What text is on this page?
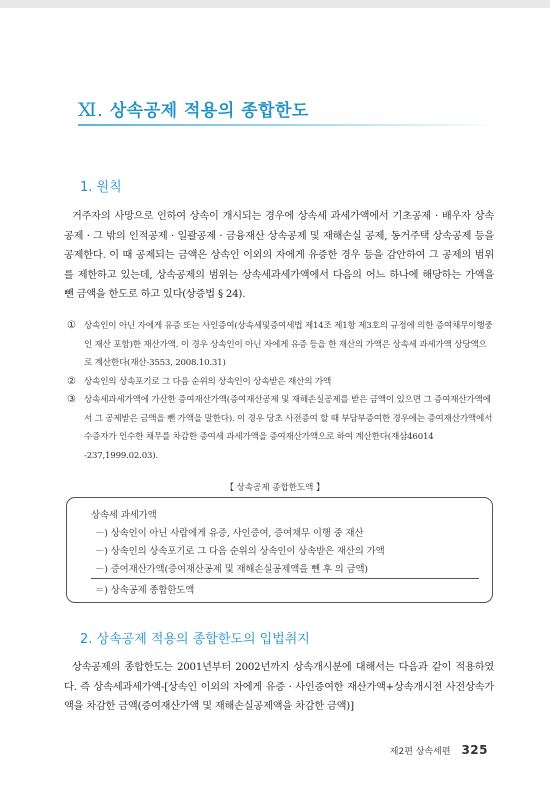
Ⅺ. 상속공제 적용의 종합한도
1. 원칙
거주자의 사망으로 인하여 상속이 개시되는 경우에 상속세 과세가액에서 기초공제 · 배우자 상속공제 · 그 밖의 인적공제 · 일괄공제 · 금융재산 상속공제 및 재해손실 공제, 동거주택 상속공제 등을 공제한다. 이 때 공제되는 금액은 상속인 이외의 자에게 유증한 경우 등을 감안하여 그 공제의 범위를 제한하고 있는데, 상속공제의 범위는 상속세과세가액에서 다음의 어느 하나에 해당하는 가액을 뺀 금액을 한도로 하고 있다(상증법 § 24).
① 상속인이 아닌 자에게 유증 또는 사인증여(상속세및증여세법 제14조 제1항 제3호의 규정에 의한 증여채무이행중인 재산 포함)한 재산가액. 이 경우 상속인이 아닌 자에게 유증 등을 한 재산의 가액은 상속세 과세가액 상당액으로 계산한다(재산-3553, 2008.10.31)
② 상속인의 상속포기로 그 다음 순위의 상속인이 상속받은 재산의 가액
③ 상속세과세가액에 가산한 증여재산가액(증여재산공제 및 재해손실공제를 받은 금액이 있으면 그 증여재산가액에서 그 공제받은 금액을 뺀 가액을 말한다). 이 경우 당초 사전증여 할 때 부담부증여한 경우에는 증여재산가액에서 수증자가 인수한 채무를 차감한 증여세 과세가액을 증여재산가액으로 하여 계산한다(재삼46014 -237,1999.02.03).
【 상속공제 종합한도액 】
상속세 과세가액
－) 상속인이 아닌 사람에게 유증, 사인증여, 증여채무 이행 중 재산
－) 상속인의 상속포기로 그 다음 순위의 상속인이 상속받은 재산의 가액
－) 증여재산가액(증여재산공제 및 재해손실공제액을 뺀 후 의 금액)
＝) 상속공제 종합한도액
2. 상속공제 적용의 종합한도의 입법취지
상속공제의 종합한도는 2001년부터 2002년까지 상속개시분에 대해서는 다음과 같이 적용하였다. 즉 상속세과세가액-[상속인 이외의 자에게 유증 · 사인증여한 재산가액+상속개시전 사전상속가액을 차감한 금액(증여재산가액 및 재해손실공제액을 차감한 금액)]
제2편 상속세편 325
